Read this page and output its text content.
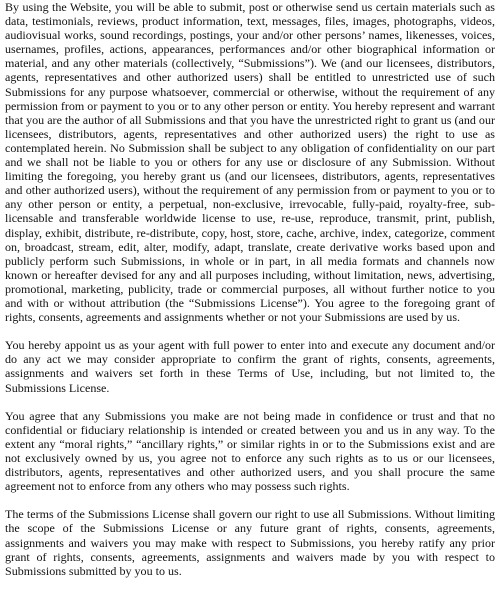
By using the Website, you will be able to submit, post or otherwise send us certain materials such as data, testimonials, reviews, product information, text, messages, files, images, photographs, videos, audiovisual works, sound recordings, postings, your and/or other persons’ names, likenesses, voices, usernames, profiles, actions, appearances, performances and/or other biographical information or material, and any other materials (collectively, “Submissions”). We (and our licensees, distributors, agents, representatives and other authorized users) shall be entitled to unrestricted use of such Submissions for any purpose whatsoever, commercial or otherwise, without the requirement of any permission from or payment to you or to any other person or entity. You hereby represent and warrant that you are the author of all Submissions and that you have the unrestricted right to grant us (and our licensees, distributors, agents, representatives and other authorized users) the right to use as contemplated herein. No Submission shall be subject to any obligation of confidentiality on our part and we shall not be liable to you or others for any use or disclosure of any Submission. Without limiting the foregoing, you hereby grant us (and our licensees, distributors, agents, representatives and other authorized users), without the requirement of any permission from or payment to you or to any other person or entity, a perpetual, non-exclusive, irrevocable, fully-paid, royalty-free, sub-licensable and transferable worldwide license to use, re-use, reproduce, transmit, print, publish, display, exhibit, distribute, re-distribute, copy, host, store, cache, archive, index, categorize, comment on, broadcast, stream, edit, alter, modify, adapt, translate, create derivative works based upon and publicly perform such Submissions, in whole or in part, in all media formats and channels now known or hereafter devised for any and all purposes including, without limitation, news, advertising, promotional, marketing, publicity, trade or commercial purposes, all without further notice to you and with or without attribution (the “Submissions License”). You agree to the foregoing grant of rights, consents, agreements and assignments whether or not your Submissions are used by us.

You hereby appoint us as your agent with full power to enter into and execute any document and/or do any act we may consider appropriate to confirm the grant of rights, consents, agreements, assignments and waivers set forth in these Terms of Use, including, but not limited to, the Submissions License.

You agree that any Submissions you make are not being made in confidence or trust and that no confidential or fiduciary relationship is intended or created between you and us in any way. To the extent any “moral rights,” “ancillary rights,” or similar rights in or to the Submissions exist and are not exclusively owned by us, you agree not to enforce any such rights as to us or our licensees, distributors, agents, representatives and other authorized users, and you shall procure the same agreement not to enforce from any others who may possess such rights.

The terms of the Submissions License shall govern our right to use all Submissions. Without limiting the scope of the Submissions License or any future grant of rights, consents, agreements, assignments and waivers you may make with respect to Submissions, you hereby ratify any prior grant of rights, consents, agreements, assignments and waivers made by you with respect to Submissions submitted by you to us.
